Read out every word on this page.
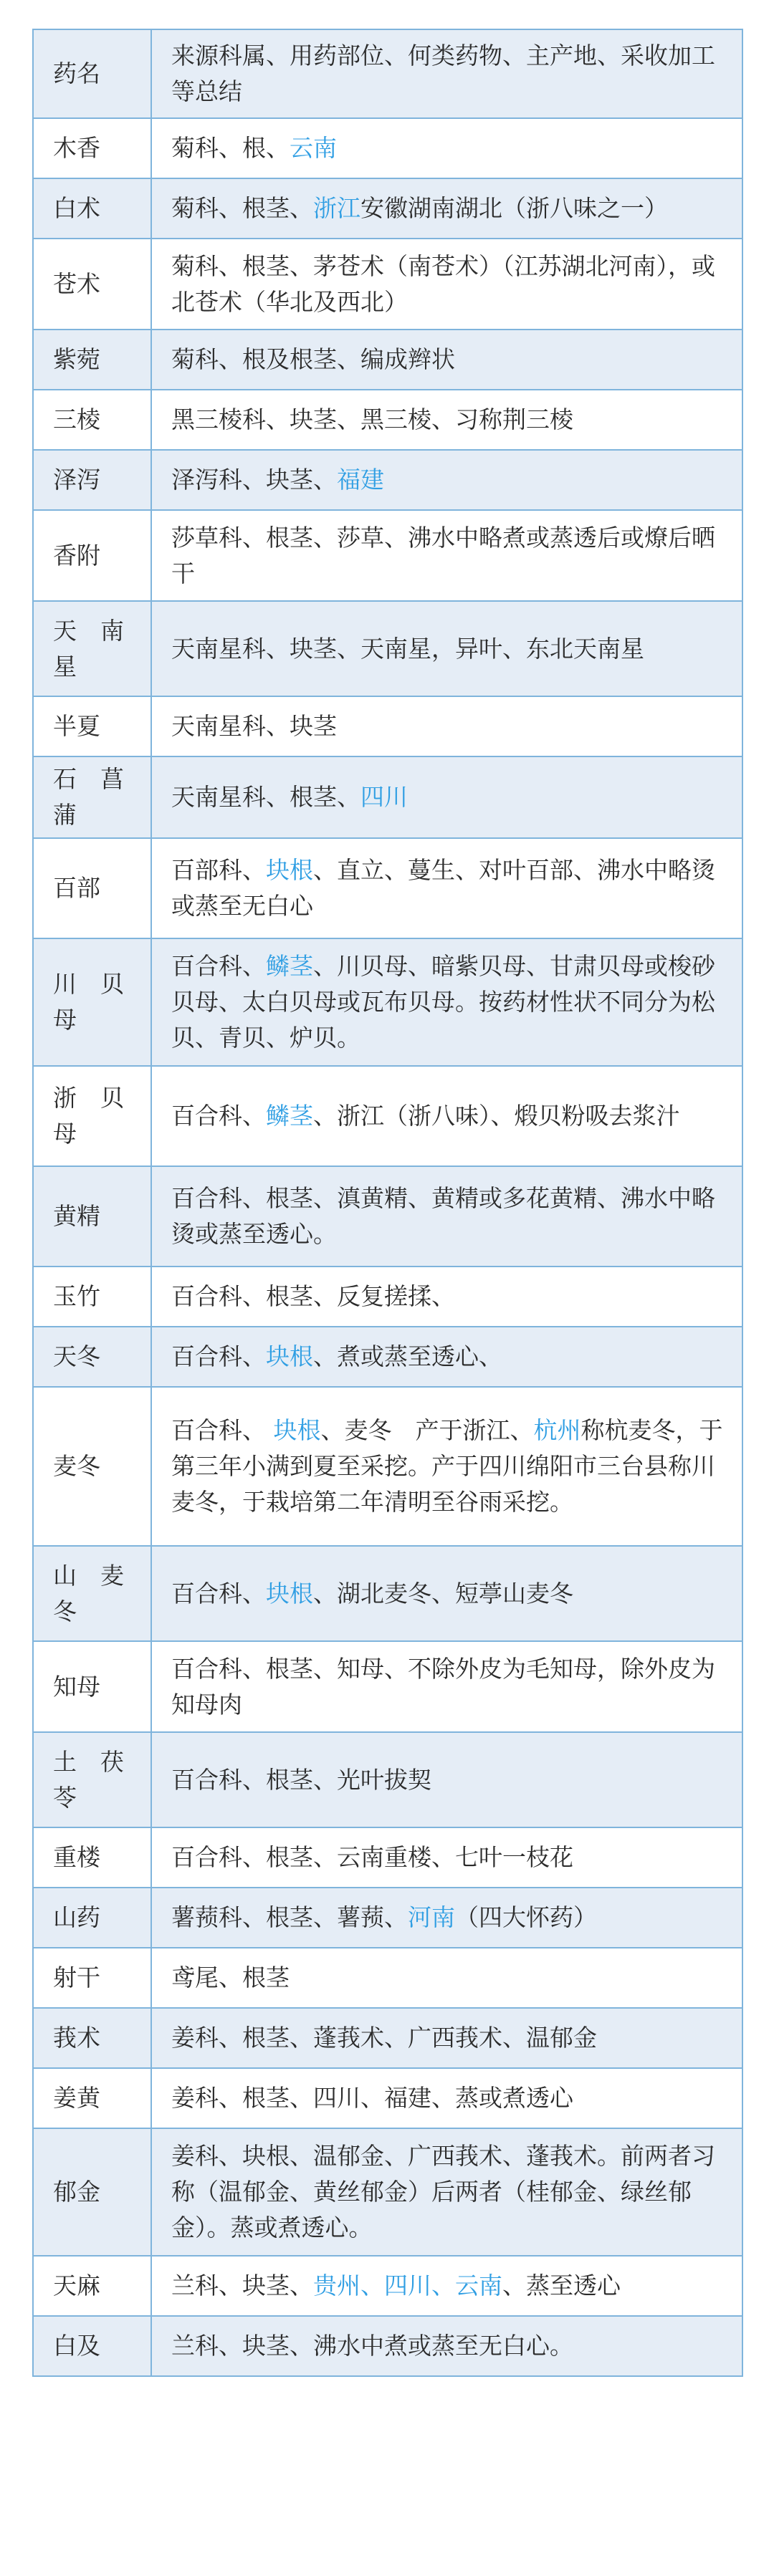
药名	来源科属、用药部位、何类药物、主产地、采收加工等总结
木香	菊科、根、云南
白术	菊科、根茎、浙江安徽湖南湖北（浙八味之一）
苍术	菊科、根茎、茅苍术（南苍术）（江苏湖北河南），或北苍术（华北及西北）
紫菀	菊科、根及根茎、编成辫状
三棱	黑三棱科、块茎、黑三棱、习称荆三棱
泽泻	泽泻科、块茎、福建
香附	莎草科、根茎、莎草、沸水中略煮或蒸透后或燎后晒干
天　南　星	天南星科、块茎、天南星，异叶、东北天南星
半夏	天南星科、块茎
石　菖　蒲	天南星科、根茎、四川
百部	百部科、块根、直立、蔓生、对叶百部、沸水中略烫或蒸至无白心
川　贝　母	百合科、鳞茎、川贝母、暗紫贝母、甘肃贝母或梭砂贝母、太白贝母或瓦布贝母。按药材性状不同分为松贝、青贝、炉贝。
浙　贝　母	百合科、鳞茎、浙江（浙八味）、煅贝粉吸去浆汁
黄精	百合科、根茎、滇黄精、黄精或多花黄精、沸水中略烫或蒸至透心。
玉竹	百合科、根茎、反复搓揉、
天冬	百合科、块根、煮或蒸至透心、
麦冬	百合科、 块根、麦冬　产于浙江、杭州称杭麦冬，于第三年小满到夏至采挖。产于四川绵阳市三台县称川麦冬，于栽培第二年清明至谷雨采挖。
山　麦　冬	百合科、块根、湖北麦冬、短葶山麦冬
知母	百合科、根茎、知母、不除外皮为毛知母，除外皮为知母肉
土　茯　苓	百合科、根茎、光叶拔契
重楼	百合科、根茎、云南重楼、七叶一枝花
山药	薯蓣科、根茎、薯蓣、河南（四大怀药）
射干	鸢尾、根茎
莪术	姜科、根茎、蓬莪术、广西莪术、温郁金
姜黄	姜科、根茎、四川、福建、蒸或煮透心
郁金	姜科、块根、温郁金、广西莪术、蓬莪术。前两者习称（温郁金、黄丝郁金）后两者（桂郁金、绿丝郁金）。蒸或煮透心。
天麻	兰科、块茎、贵州、四川、云南、蒸至透心
白及	兰科、块茎、沸水中煮或蒸至无白心。
